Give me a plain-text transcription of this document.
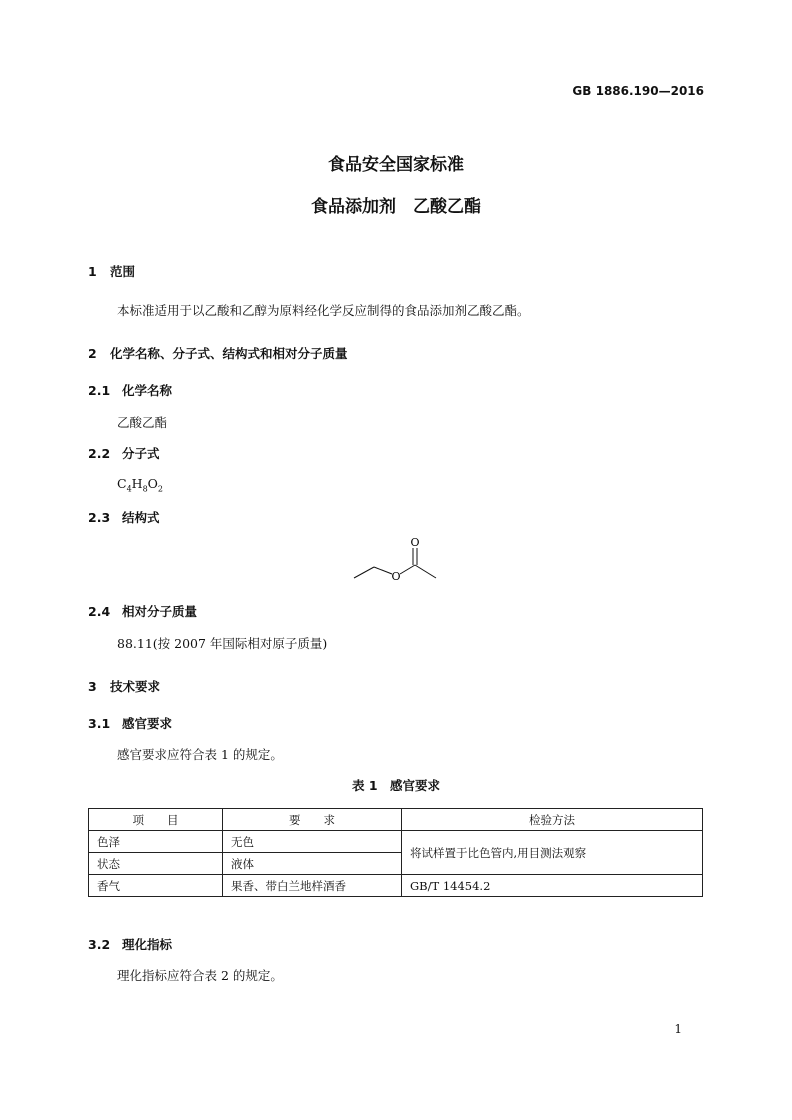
GB 1886.190—2016
食品安全国家标准
食品添加剂　乙酸乙酯
1 范围
本标准适用于以乙酸和乙醇为原料经化学反应制得的食品添加剂乙酸乙酯。
2 化学名称、分子式、结构式和相对分子质量
2.1 化学名称
乙酸乙酯
2.2 分子式
$C_4H_8O_2$
2.3 结构式
O
O
2.4 相对分子质量
88.11(按 2007 年国际相对原子质量)
3 技术要求
3.1 感官要求
感官要求应符合表 1 的规定。
表 1　感官要求
项　　目	要　　求	检验方法
色泽	无色	将试样置于比色管内,用目测法观察
状态	液体	
香气	果香、带白兰地样酒香	GB/T 14454.2
3.2 理化指标
理化指标应符合表 2 的规定。
1
